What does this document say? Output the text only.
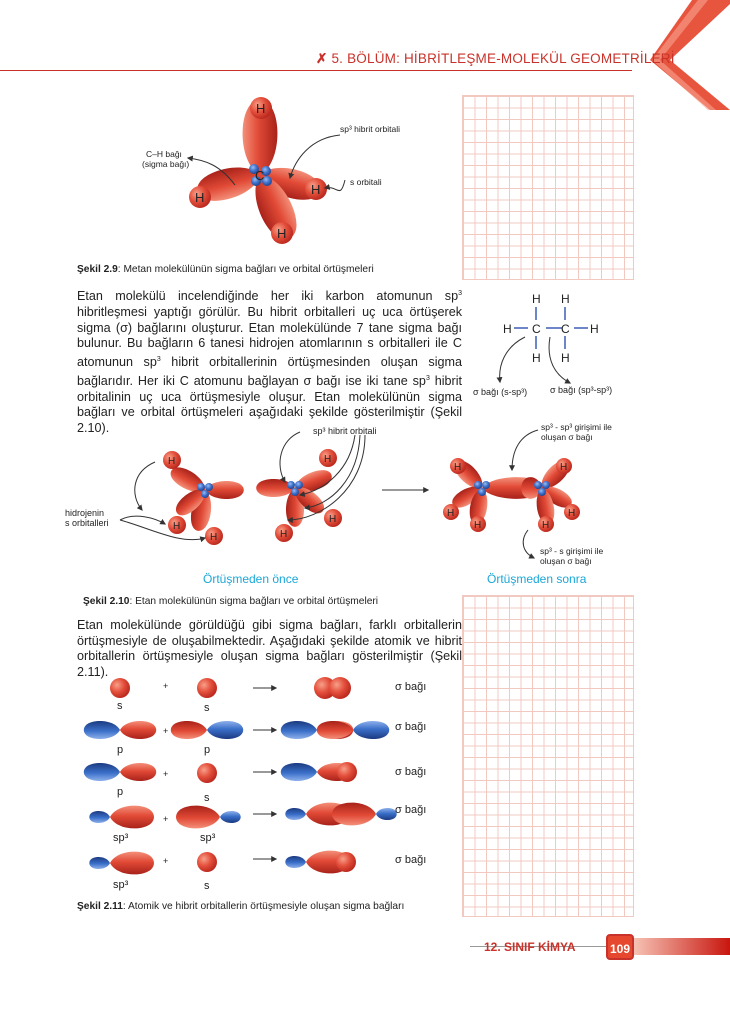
✗ 5. BÖLÜM: HİBRİTLEŞME-MOLEKÜL GEOMETRİLERİ
C
H
H
H
H
C–H bağı
(sigma bağı)
sp³ hibrit orbitali
s orbitali
Şekil 2.9: Metan molekülünün sigma bağları ve orbital örtüşmeleri
Etan molekülü incelendiğinde her iki karbon atomunun $sp^3$ hibritleşmesi yaptığı görülür. Bu hibrit orbitalleri uç uca örtüşerek sigma (σ) bağlarını oluşturur. Etan molekülünde 7 tane sigma bağı bulunur. Bu bağların 6 tanesi hidrojen atomlarının s orbitalleri ile C atomunun $sp^3$ hibrit orbitallerinin örtüşmesinden oluşan sigma bağlarıdır. Her iki C atomunu bağlayan σ bağı ise iki tane $sp^3$ hibrit orbitalinin uç uca örtüşmesiyle oluşur. Etan molekülünün sigma bağları ve orbital örtüşmeleri aşağıdaki şekilde gösterilmiştir (Şekil 2.10).
H C C H
H H
H H
σ bağı (s-sp³)	σ bağı (sp³-sp³)
H
H
H
H
H
H
sp³ hibrit orbitali
hidrojenin
s orbitalleri
H
H
H
H
H
H
sp³ - sp³ girişimi ile
oluşan σ bağı
sp³ - s girişimi ile
oluşan σ bağı
Örtüşmeden önce	Örtüşmeden sonra
Şekil 2.10: Etan molekülünün sigma bağları ve orbital örtüşmeleri
Etan molekülünde görüldüğü gibi sigma bağları, farklı orbitallerin örtüşmesiyle de oluşabilmektedir. Aşağıdaki şekilde atomik ve hibrit orbitallerin örtüşmesiyle oluşan sigma bağları gösterilmiştir (Şekil 2.11).
s
+
s
σ bağı
p
+
p
σ bağı
p
+
s
σ bağı
sp³
+
sp³
σ bağı
sp³
+
s
σ bağı
Şekil 2.11: Atomik ve hibrit orbitallerin örtüşmesiyle oluşan sigma bağları
12. SINIF KİMYA	109
